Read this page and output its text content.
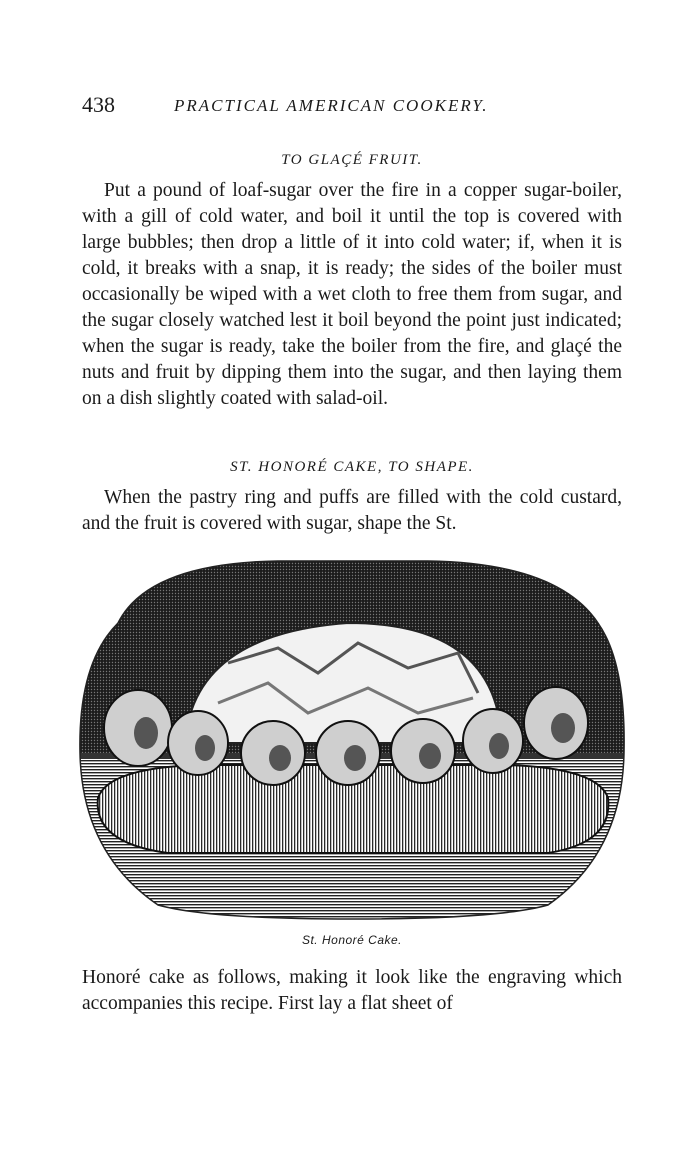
438	PRACTICAL AMERICAN COOKERY.
TO GLAÇÉ FRUIT.

Put a pound of loaf-sugar over the fire in a copper sugar-boiler, with a gill of cold water, and boil it until the top is covered with large bubbles; then drop a little of it into cold water; if, when it is cold, it breaks with a snap, it is ready; the sides of the boiler must occasionally be wiped with a wet cloth to free them from sugar, and the sugar closely watched lest it boil beyond the point just indicated; when the sugar is ready, take the boiler from the fire, and glaçé the nuts and fruit by dipping them into the sugar, and then laying them on a dish slightly coated with salad-oil.

ST. HONORÉ CAKE, TO SHAPE.

When the pastry ring and puffs are filled with the cold custard, and the fruit is covered with sugar, shape the St.

St. Honoré Cake.

Honoré cake as follows, making it look like the engraving which accompanies this recipe. First lay a flat sheet of
